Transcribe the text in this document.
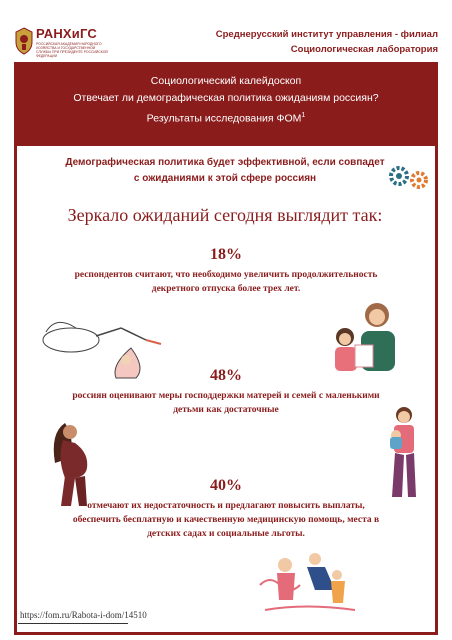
РАНХиГС
РОССИЙСКАЯ АКАДЕМИЯ НАРОДНОГО ХОЗЯЙСТВА И ГОСУДАРСТВЕННОЙ СЛУЖБЫ ПРИ ПРЕЗИДЕНТЕ РОССИЙСКОЙ ФЕДЕРАЦИИ
Среднерусский институт управления - филиал
Социологическая лаборатория
Социологический калейдоскоп
Отвечает ли демографическая политика ожиданиям россиян?
Результаты исследования ФОМ$^1$
Демографическая политика будет эффективной, если совпадет
с ожиданиями к этой сфере россиян
Зеркало ожиданий сегодня выглядит так:
18%
респондентов считают, что необходимо увеличить продолжительность
декретного отпуска более трех лет.
48%
россиян оценивают меры господдержки матерей и семей с маленькими
детьми как достаточные
40%
отмечают их недостаточность и предлагают повысить выплаты,
обеспечить бесплатную и качественную медицинскую помощь, места в
детских садах и социальные льготы.
https://fom.ru/Rabota-i-dom/14510
